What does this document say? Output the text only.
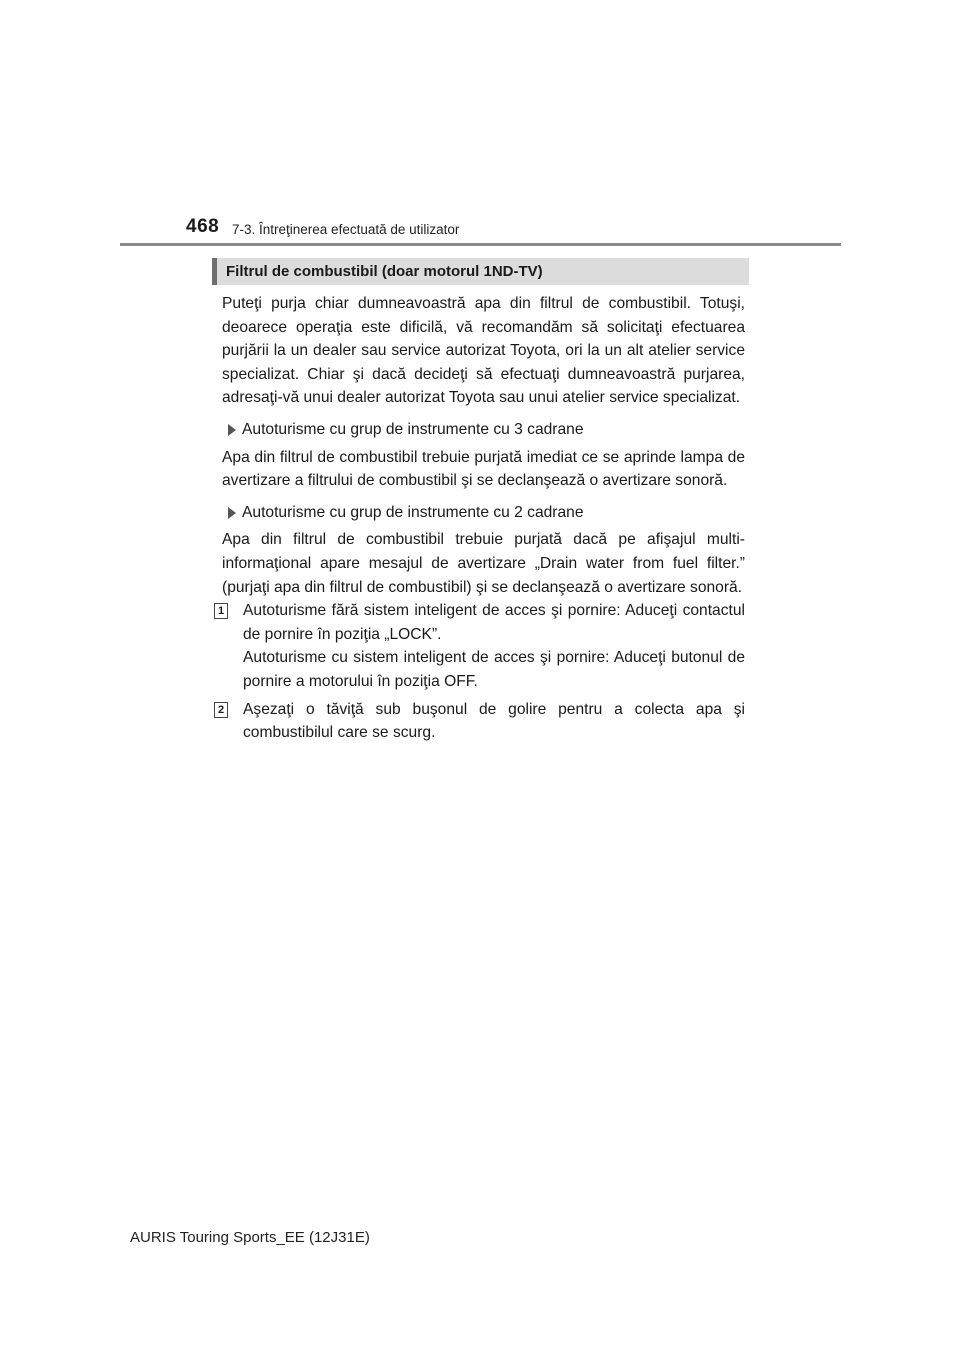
468 7-3. Întreţinerea efectuată de utilizator
Filtrul de combustibil (doar motorul 1ND-TV)

Puteţi purja chiar dumneavoastră apa din filtrul de combustibil. Totuşi, deoarece operaţia este dificilă, vă recomandăm să solicitaţi efectuarea purjării la un dealer sau service autorizat Toyota, ori la un alt atelier service specializat. Chiar şi dacă decideţi să efectuaţi dumneavoastră purjarea, adresaţi-vă unui dealer autorizat Toyota sau unui atelier service specializat.

Autoturisme cu grup de instrumente cu 3 cadrane

Apa din filtrul de combustibil trebuie purjată imediat ce se aprinde lampa de avertizare a filtrului de combustibil şi se declanşează o avertizare sonoră.

Autoturisme cu grup de instrumente cu 2 cadrane

Apa din filtrul de combustibil trebuie purjată dacă pe afişajul multi-informaţional apare mesajul de avertizare „Drain water from fuel filter.” (purjaţi apa din filtrul de combustibil) şi se declanşează o avertizare sonoră.

1 Autoturisme fără sistem inteligent de acces şi pornire: Aduceţi contactul de pornire în poziţia „LOCK”.

Autoturisme cu sistem inteligent de acces şi pornire: Aduceţi butonul de pornire a motorului în poziţia OFF.

2 Aşezaţi o tăviţă sub buşonul de golire pentru a colecta apa şi combustibilul care se scurg.

AURIS Touring Sports_EE (12J31E)
